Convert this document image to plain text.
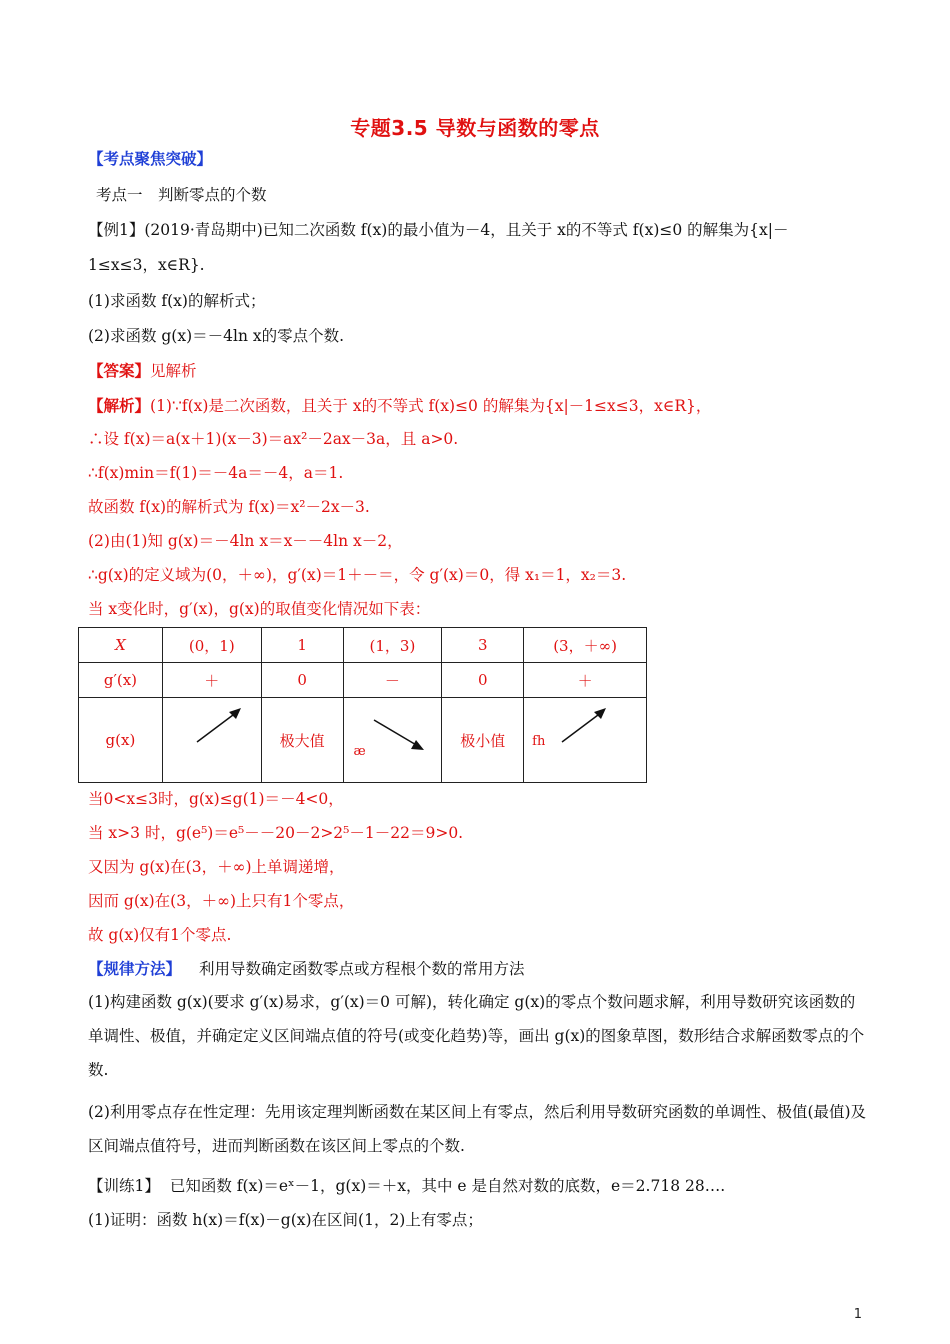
专题3.5 导数与函数的零点
【考点聚焦突破】
考点一　判断零点的个数
【例1】(2019·青岛期中)已知二次函数 f(x)的最小值为－4，且关于 x的不等式 f(x)≤0 的解集为{x|－
1≤x≤3，x∈R}.
(1)求函数 f(x)的解析式；
(2)求函数 g(x)＝－4ln x的零点个数.
【答案】见解析
【解析】(1)∵f(x)是二次函数，且关于 x的不等式 f(x)≤0 的解集为{x|－1≤x≤3，x∈R}，
∴设 f(x)＝a(x＋1)(x－3)＝ax²－2ax－3a，且 a>0.
∴f(x)min＝f(1)＝－4a＝－4，a＝1.
故函数 f(x)的解析式为 f(x)＝x²－2x－3.
(2)由(1)知 g(x)＝－4ln x＝x－－4ln x－2，
∴g(x)的定义域为(0，＋∞)，g′(x)＝1＋－＝，令 g′(x)＝0，得 x₁＝1，x₂＝3.
当 x变化时，g′(x)，g(x)的取值变化情况如下表：
X	(0，1)	1	(1，3)	3	(3，＋∞)
g′(x)	＋	0	－	0	＋
g(x)		极大值	æ	极小值	fh
当0<x≤3时，g(x)≤g(1)＝－4<0，
当 x>3 时，g(e⁵)＝e⁵－－20－2>2⁵－1－22＝9>0.
又因为 g(x)在(3，＋∞)上单调递增，
因而 g(x)在(3，＋∞)上只有1个零点，
故 g(x)仅有1个零点.
【规律方法】 利用导数确定函数零点或方程根个数的常用方法
(1)构建函数 g(x)(要求 g′(x)易求，g′(x)＝0 可解)，转化确定 g(x)的零点个数问题求解，利用导数研究该函数的单调性、极值，并确定定义区间端点值的符号(或变化趋势)等，画出 g(x)的图象草图，数形结合求解函数零点的个数.
(2)利用零点存在性定理：先用该定理判断函数在某区间上有零点，然后利用导数研究函数的单调性、极值(最值)及区间端点值符号，进而判断函数在该区间上零点的个数.
【训练1】 已知函数 f(x)＝eˣ－1，g(x)＝＋x，其中 e 是自然对数的底数，e＝2.718 28….
(1)证明：函数 h(x)＝f(x)－g(x)在区间(1，2)上有零点；
1
